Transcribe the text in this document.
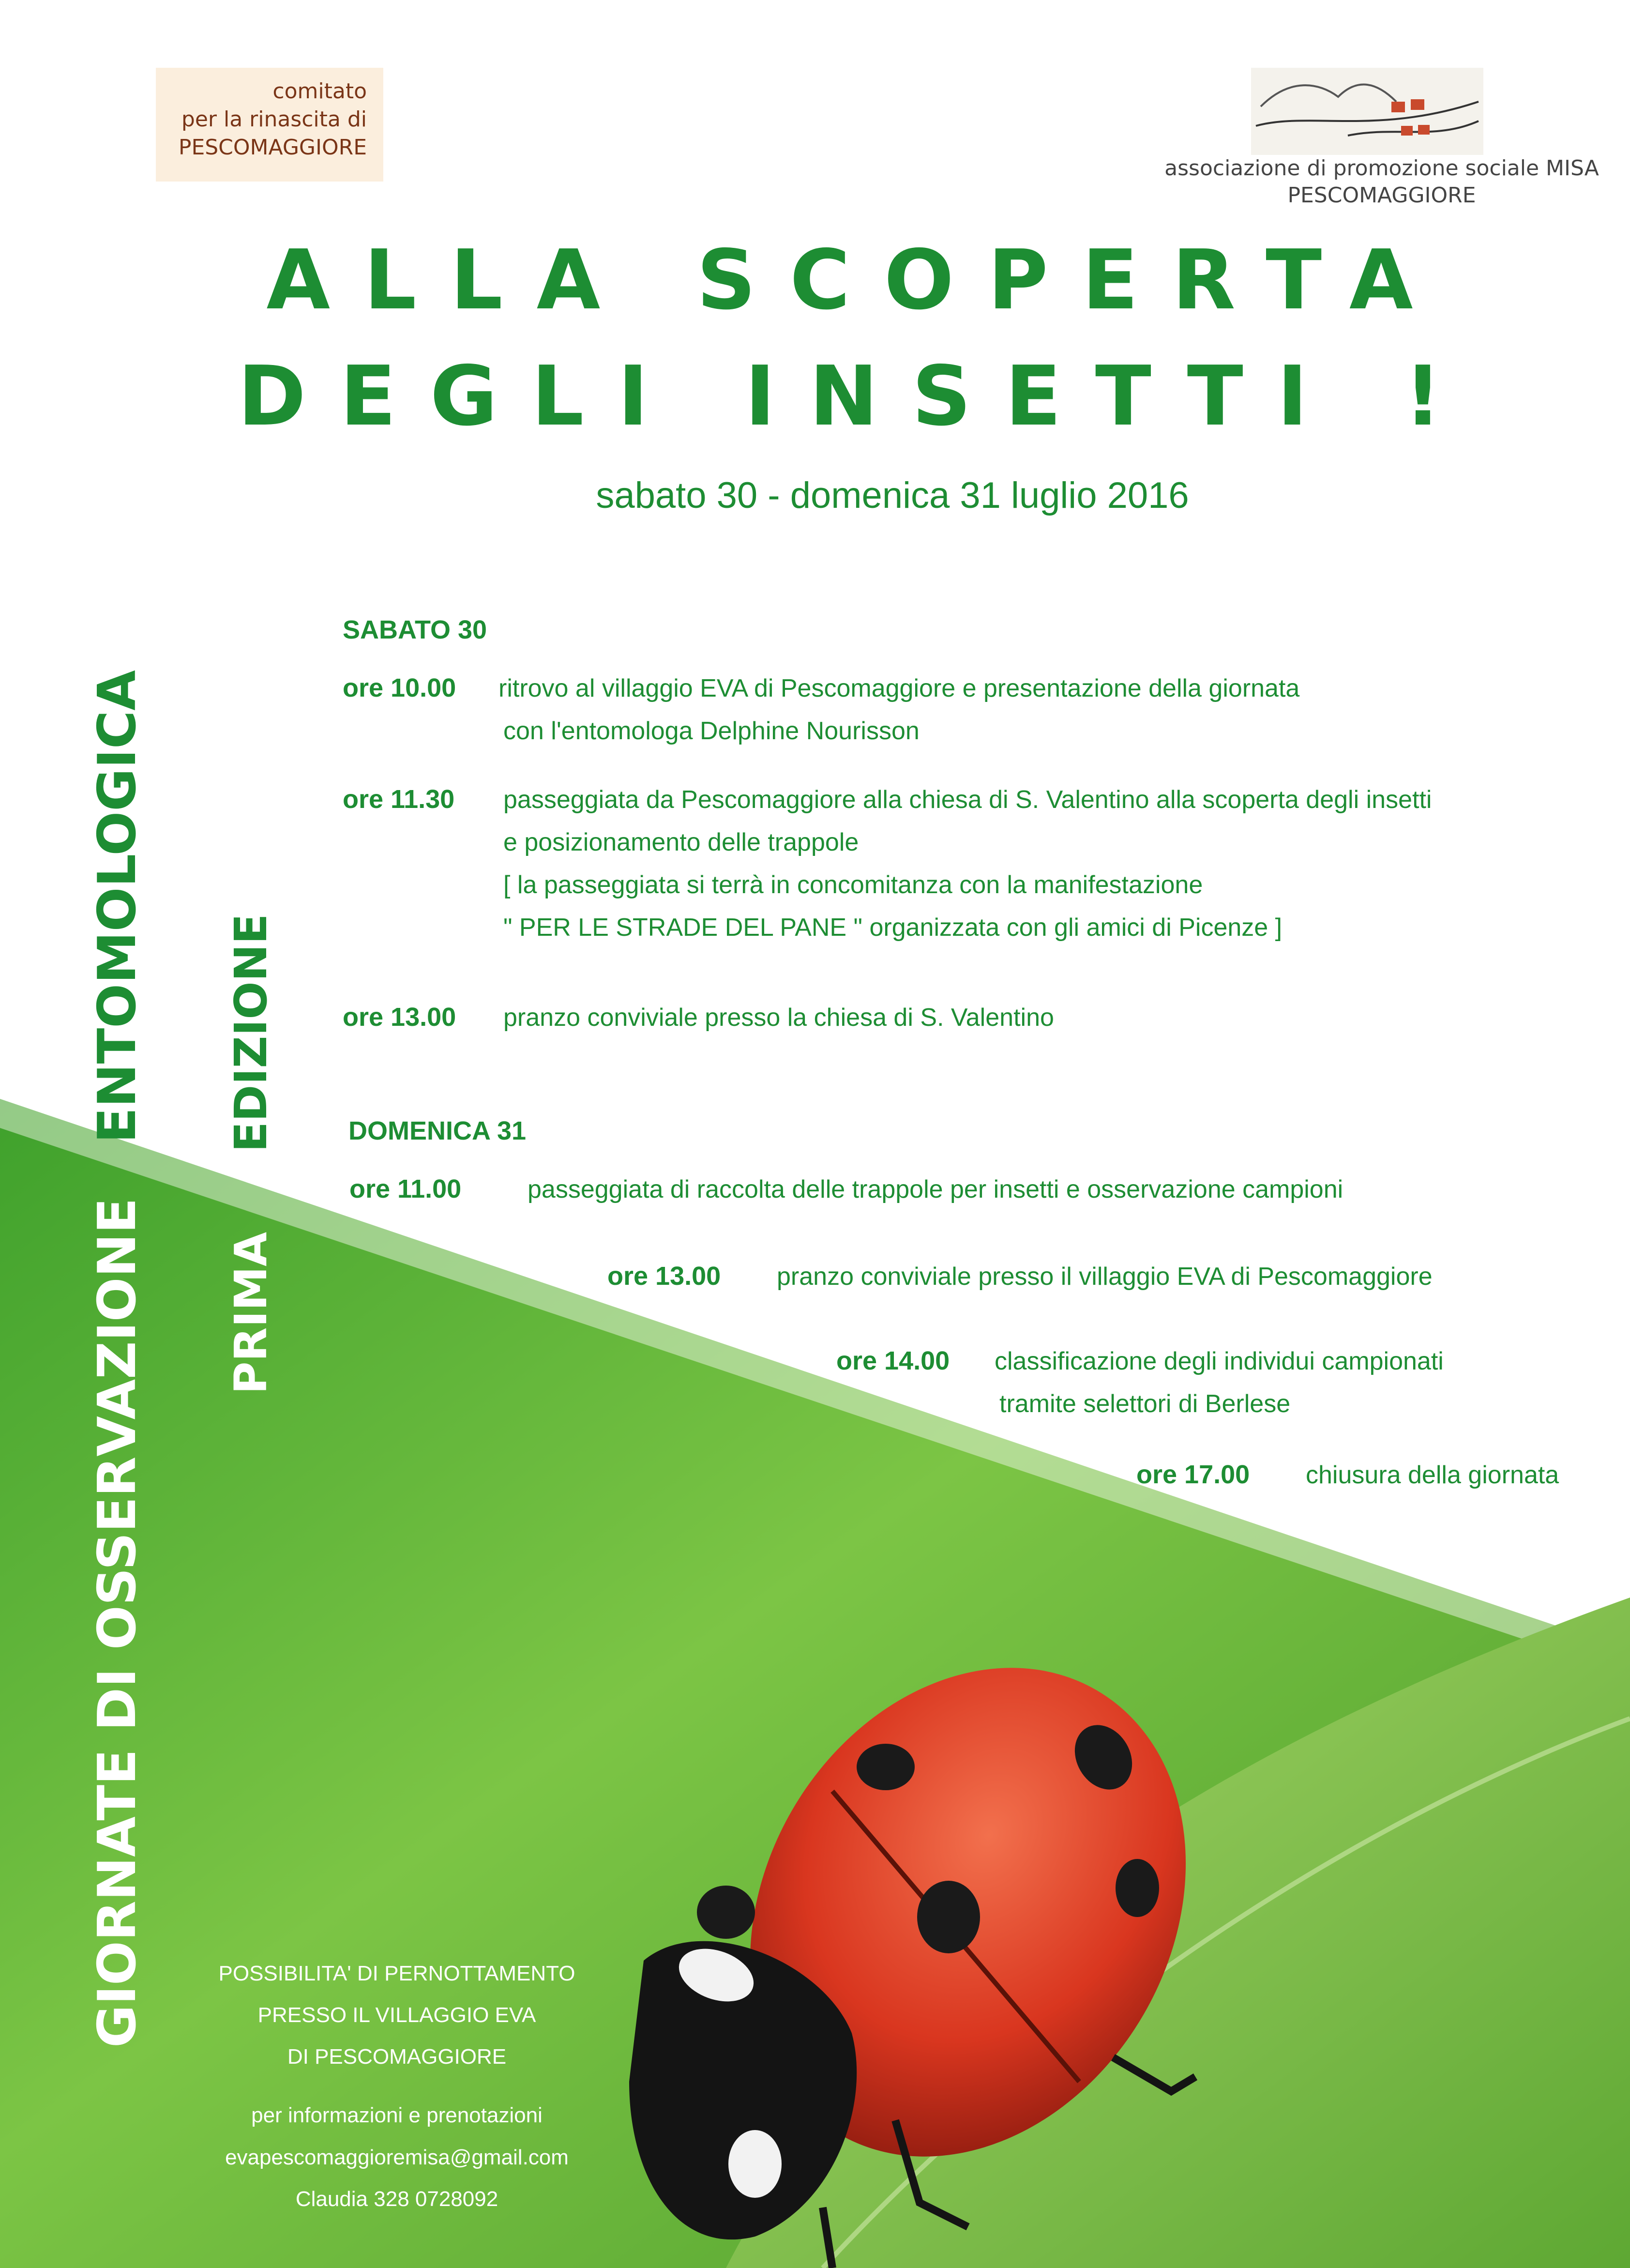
comitato
per la rinascita di
PESCOMAGGIORE
associazione di promozione sociale MISA
PESCOMAGGIORE
ALLA SCOPERTA
DEGLI INSETTI !
sabato 30 - domenica 31 luglio 2016
GIORNATE DI OSSERVAZIONE   ENTOMOLOGICA
PRIMA
EDIZIONE
SABATO 30
ore 10.00 ritrovo al villaggio EVA di Pescomaggiore e presentazione della giornata
con l'entomologa Delphine Nourisson
ore 11.30 passeggiata da Pescomaggiore alla chiesa di S. Valentino alla scoperta degli insetti
e posizionamento delle trappole
[ la passeggiata si terrà in concomitanza con la manifestazione
" PER LE STRADE DEL PANE " organizzata con gli amici di Picenze ]
ore 13.00 pranzo conviviale presso la chiesa di S. Valentino
DOMENICA 31
ore 11.00	passeggiata di raccolta delle trappole per insetti e osservazione campioni
ore 13.00 pranzo conviviale presso il villaggio EVA di Pescomaggiore
ore 14.00 classificazione degli individui campionati
tramite selettori di Berlese
ore 17.00 chiusura della giornata
POSSIBILITA' DI PERNOTTAMENTO
PRESSO IL VILLAGGIO EVA
DI PESCOMAGGIORE
per informazioni e prenotazioni
evapescomaggioremisa@gmail.com
Claudia 328 0728092
